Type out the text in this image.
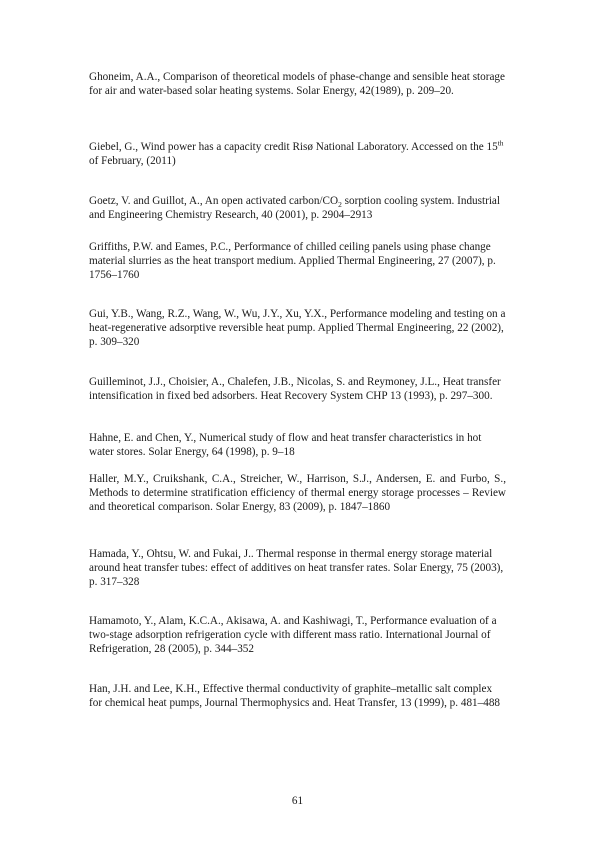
Ghoneim, A.A., Comparison of theoretical models of phase-change and sensible heat storage for air and water-based solar heating systems. Solar Energy, 42(1989), p. 209–20.

Giebel, G., Wind power has a capacity credit Risø National Laboratory. Accessed on the 15th of February, (2011)

Goetz, V. and Guillot, A., An open activated carbon/$CO_2$ sorption cooling system. Industrial and Engineering Chemistry Research, 40 (2001), p. 2904–2913

Griffiths, P.W. and Eames, P.C., Performance of chilled ceiling panels using phase change material slurries as the heat transport medium. Applied Thermal Engineering, 27 (2007), p. 1756–1760

Gui, Y.B., Wang, R.Z., Wang, W., Wu, J.Y., Xu, Y.X., Performance modeling and testing on a heat-regenerative adsorptive reversible heat pump. Applied Thermal Engineering, 22 (2002), p. 309–320

Guilleminot, J.J., Choisier, A., Chalefen, J.B., Nicolas, S. and Reymoney, J.L., Heat transfer intensification in fixed bed adsorbers. Heat Recovery System CHP 13 (1993), p. 297–300.

Hahne, E. and Chen, Y., Numerical study of flow and heat transfer characteristics in hot water stores. Solar Energy, 64 (1998), p. 9–18

Haller, M.Y., Cruikshank, C.A., Streicher, W., Harrison, S.J., Andersen, E. and Furbo, S., Methods to determine stratification efficiency of thermal energy storage processes – Review and theoretical comparison. Solar Energy, 83 (2009), p. 1847–1860

Hamada, Y., Ohtsu, W. and Fukai, J.. Thermal response in thermal energy storage material around heat transfer tubes: effect of additives on heat transfer rates. Solar Energy, 75 (2003), p. 317–328

Hamamoto, Y., Alam, K.C.A., Akisawa, A. and Kashiwagi, T., Performance evaluation of a two-stage adsorption refrigeration cycle with different mass ratio. International Journal of Refrigeration, 28 (2005), p. 344–352

Han, J.H. and Lee, K.H., Effective thermal conductivity of graphite–metallic salt complex for chemical heat pumps, Journal Thermophysics and. Heat Transfer, 13 (1999), p. 481–488

61
